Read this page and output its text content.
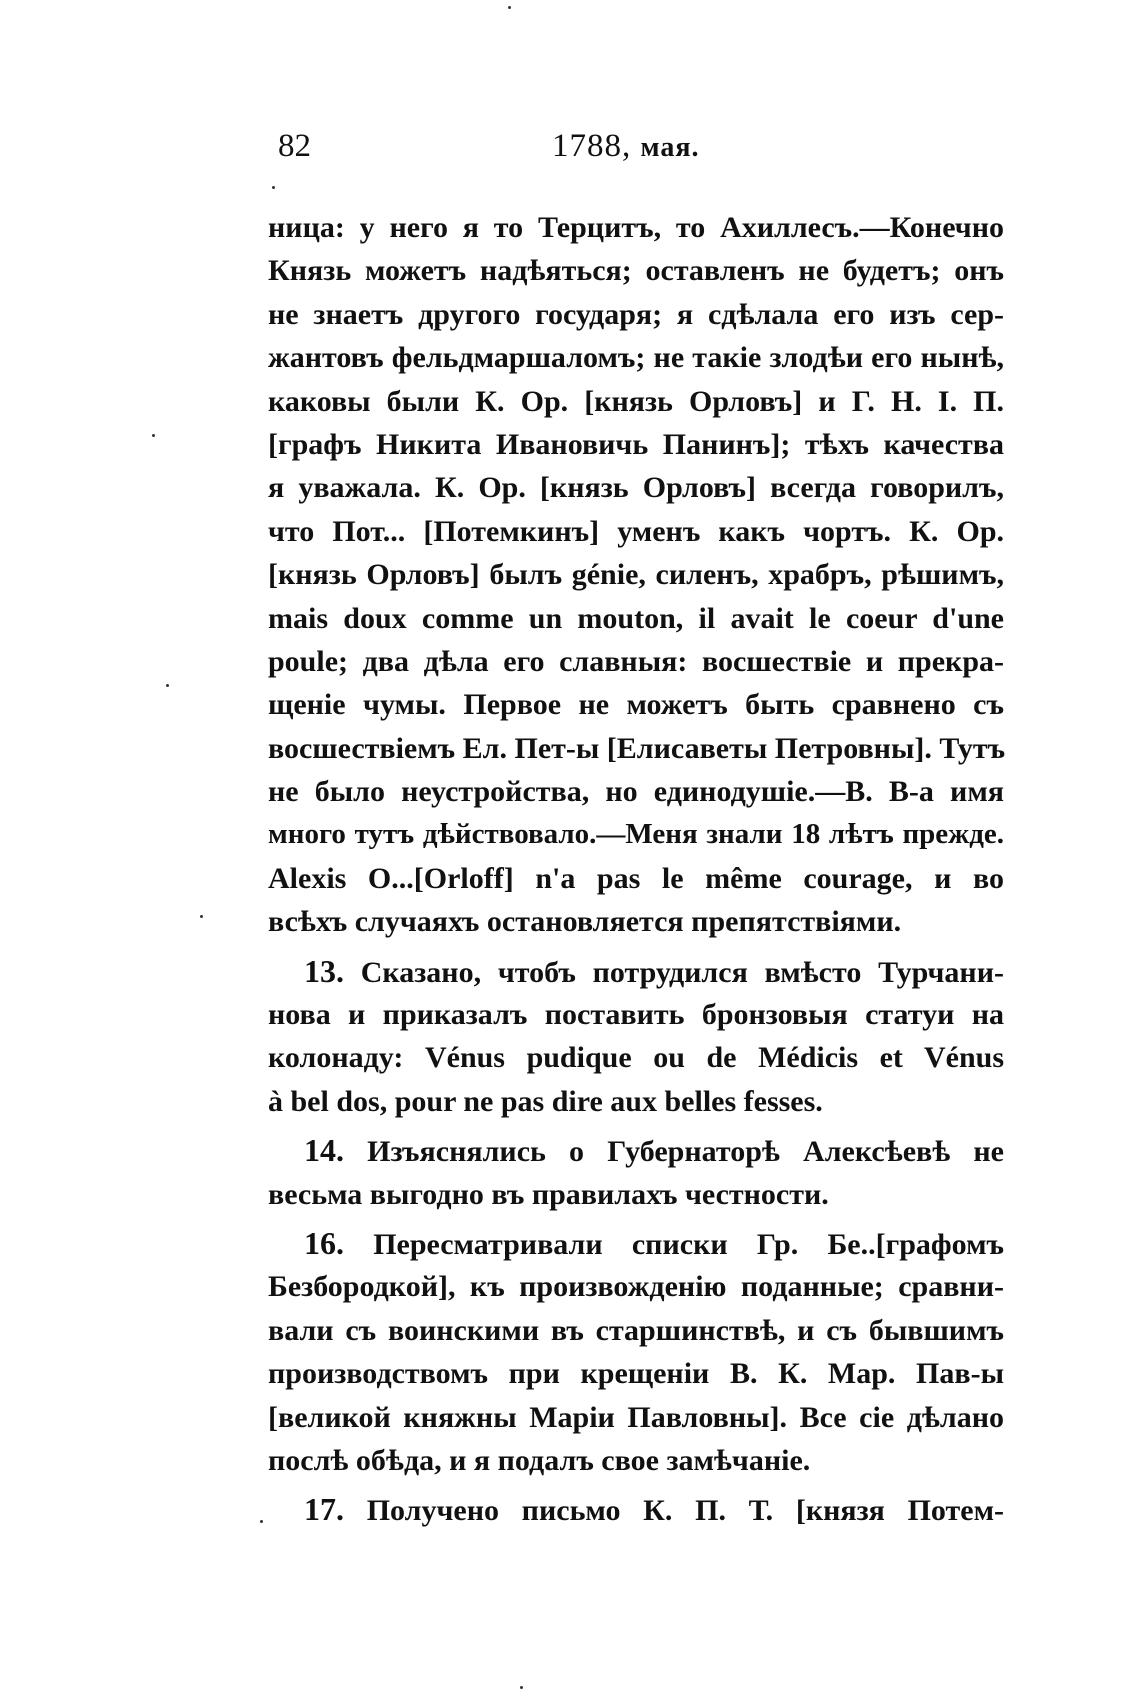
82	1788, мая.
ница: у него я то Терцитъ, то Ахиллесъ.—Конечно
Князь можетъ надѣяться; оставленъ не будетъ; онъ
не знаетъ другого государя; я сдѣлала его изъ сер-
жантовъ фельдмаршаломъ; не такіе злодѣи его нынѣ,
каковы были К. Ор. [князь Орловъ] и Г. Н. І. П.
[графъ Никита Ивановичь Панинъ]; тѣхъ качества
я уважала. К. Ор. [князь Орловъ] всегда говорилъ,
что Пот... [Потемкинъ] уменъ какъ чортъ. К. Ор.
[князь Орловъ] былъ génie, силенъ, храбръ, рѣшимъ,
mais doux comme un mouton, il avait le coeur d'une
poule; два дѣла его славныя: восшествіе и прекра-
щеніе чумы. Первое не можетъ быть сравнено съ
восшествіемъ Ел. Пет-ы [Елисаветы Петровны]. Тутъ
не было неустройства, но единодушіе.—В. В-а имя
много тутъ дѣйствовало.—Меня знали 18 лѣтъ прежде.
Alexis O...[Orloff] n'a pas le même courage, и во
всѣхъ случаяхъ остановляется препятствіями.
13. Сказано, чтобъ потрудился вмѣсто Турчани-
нова и приказалъ поставить бронзовыя статуи на
колонаду: Vénus pudique ou de Médicis et Vénus
à bel dos, pour ne pas dire aux belles fesses.
14. Изъяснялись о Губернаторѣ Алексѣевѣ не
весьма выгодно въ правилахъ честности.
16. Пересматривали списки Гр. Бе..[графомъ
Безбородкой], къ произвожденію поданные; сравни-
вали съ воинскими въ старшинствѣ, и съ бывшимъ
производствомъ при крещеніи В. К. Мар. Пав-ы
[великой княжны Маріи Павловны]. Все сіе дѣлано
послѣ обѣда, и я подалъ свое замѣчаніе.
17. Получено письмо К. П. Т. [князя Потем-
